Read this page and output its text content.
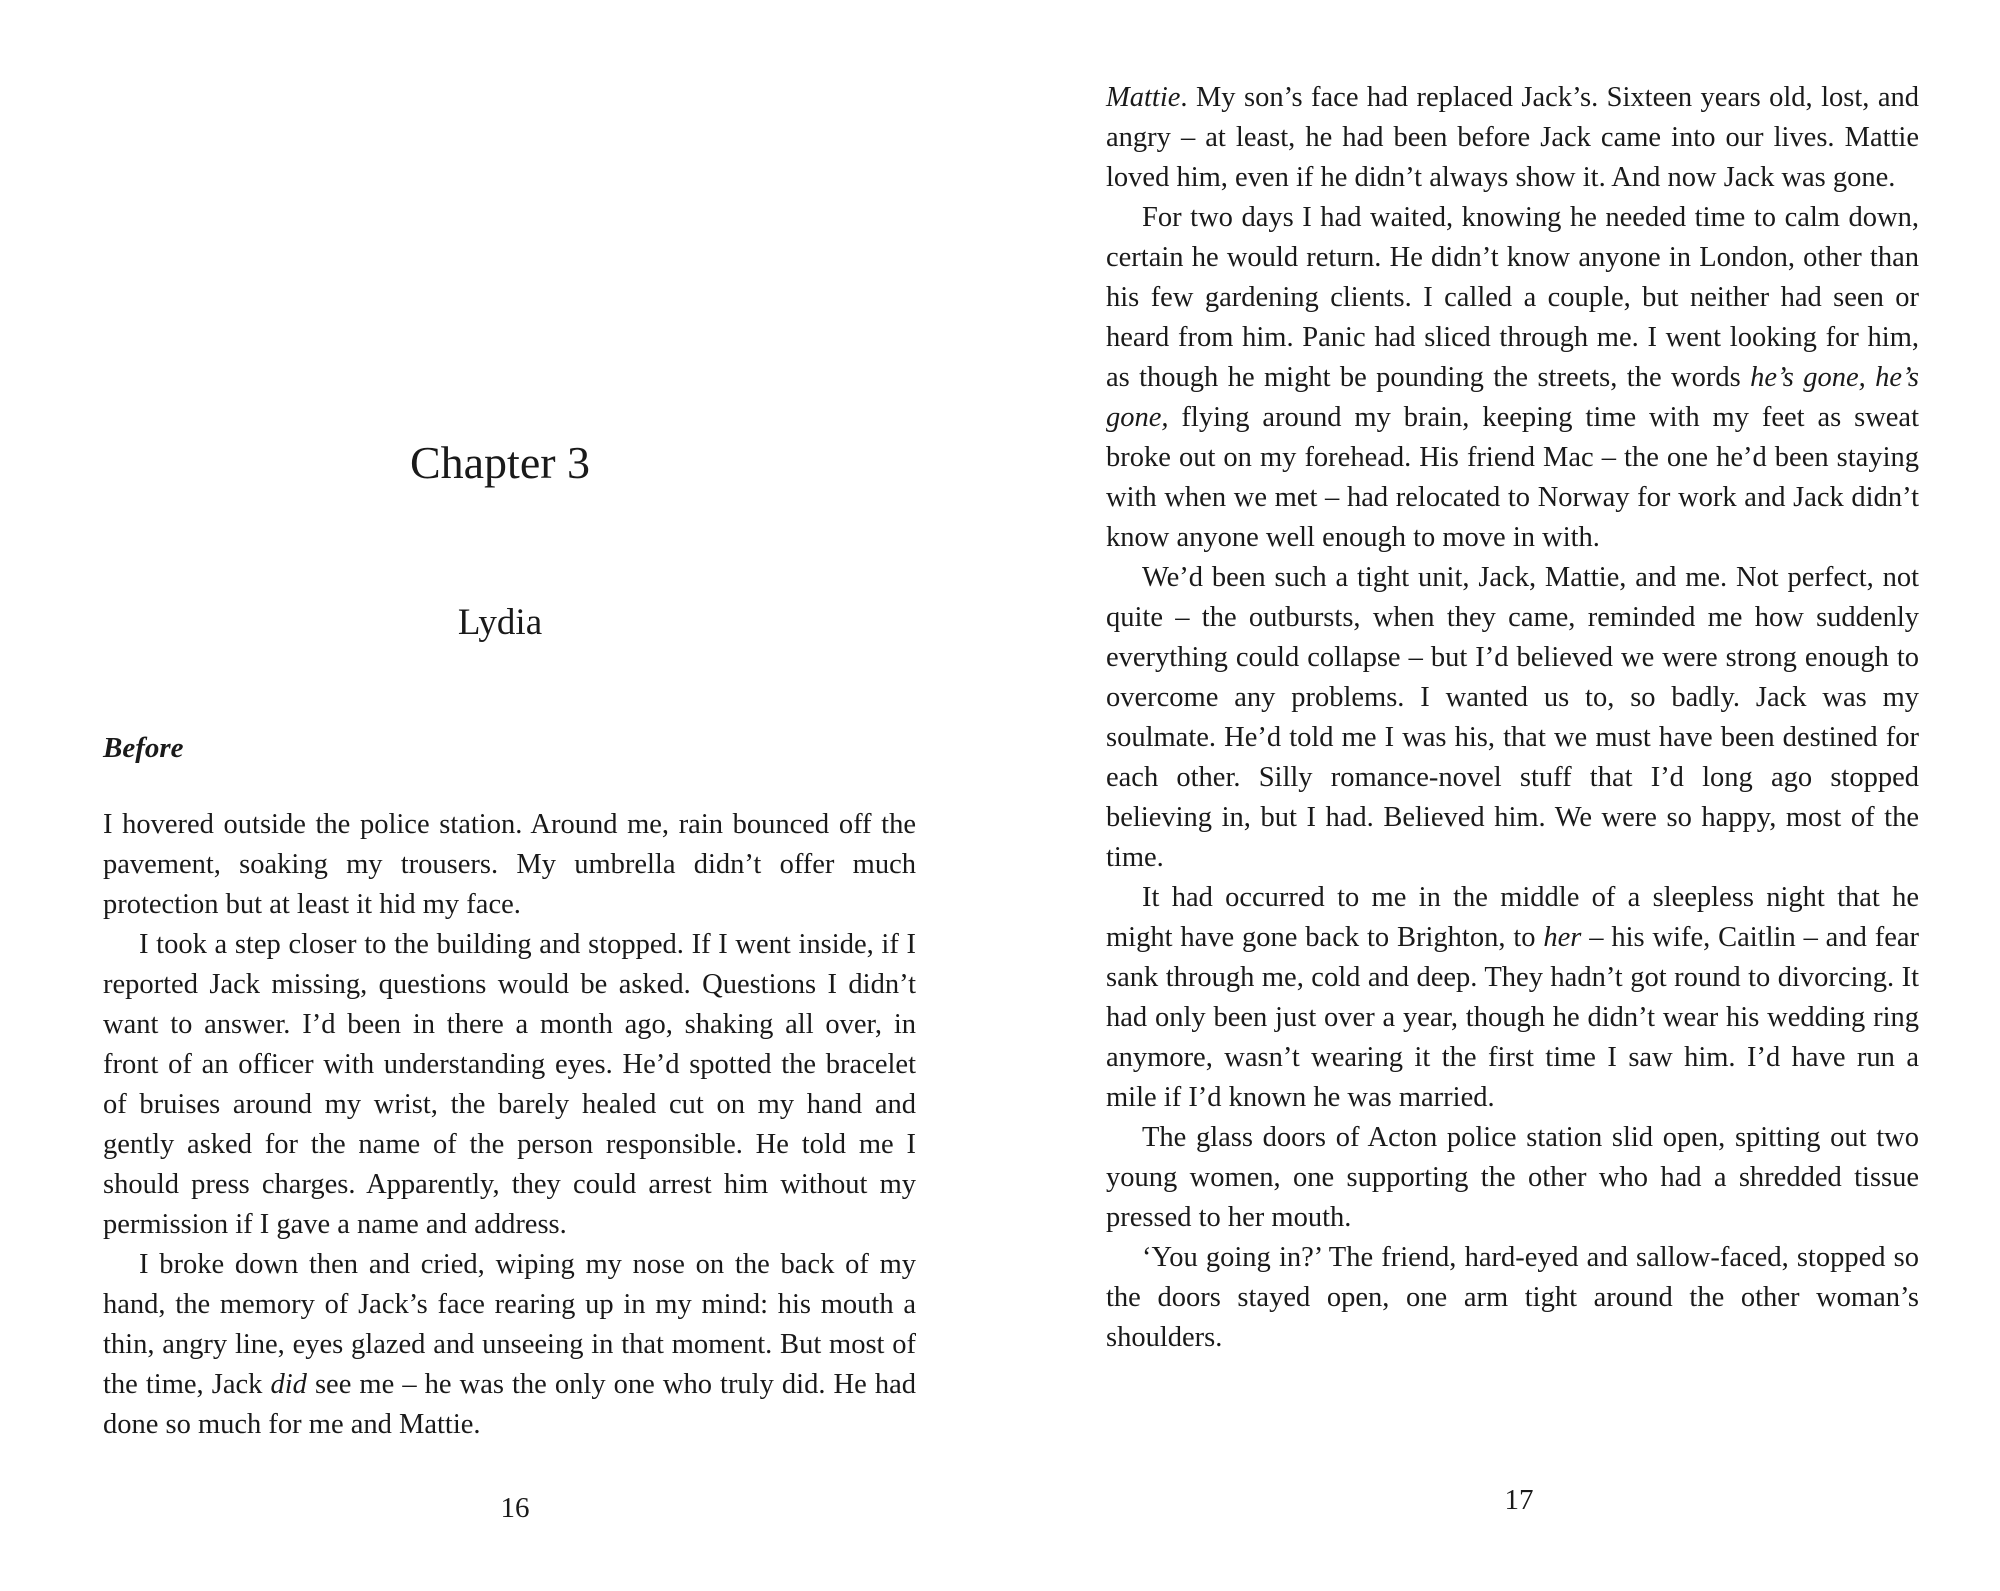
Chapter 3
Lydia
Before

I hovered outside the police station. Around me, rain bounced off the pavement, soaking my trousers. My umbrella didn’t offer much protection but at least it hid my face.

I took a step closer to the building and stopped. If I went inside, if I reported Jack missing, questions would be asked. Questions I didn’t want to answer. I’d been in there a month ago, shaking all over, in front of an officer with understanding eyes. He’d spotted the bracelet of bruises around my wrist, the barely healed cut on my hand and gently asked for the name of the person responsible. He told me I should press charges. Apparently, they could arrest him without my permission if I gave a name and address.

I broke down then and cried, wiping my nose on the back of my hand, the memory of Jack’s face rearing up in my mind: his mouth a thin, angry line, eyes glazed and unseeing in that moment. But most of the time, Jack did see me – he was the only one who truly did. He had done so much for me and Mattie.

16

Mattie. My son’s face had replaced Jack’s. Sixteen years old, lost, and angry – at least, he had been before Jack came into our lives. Mattie loved him, even if he didn’t always show it. And now Jack was gone.

For two days I had waited, knowing he needed time to calm down, certain he would return. He didn’t know anyone in London, other than his few gardening clients. I called a couple, but neither had seen or heard from him. Panic had sliced through me. I went looking for him, as though he might be pounding the streets, the words he’s gone, he’s gone, flying around my brain, keeping time with my feet as sweat broke out on my forehead. His friend Mac – the one he’d been staying with when we met – had relocated to Norway for work and Jack didn’t know anyone well enough to move in with.

We’d been such a tight unit, Jack, Mattie, and me. Not perfect, not quite – the outbursts, when they came, reminded me how suddenly everything could collapse – but I’d believed we were strong enough to overcome any problems. I wanted us to, so badly. Jack was my soulmate. He’d told me I was his, that we must have been destined for each other. Silly romance-novel stuff that I’d long ago stopped believing in, but I had. Believed him. We were so happy, most of the time.

It had occurred to me in the middle of a sleepless night that he might have gone back to Brighton, to her – his wife, Caitlin – and fear sank through me, cold and deep. They hadn’t got round to divorcing. It had only been just over a year, though he didn’t wear his wedding ring anymore, wasn’t wearing it the first time I saw him. I’d have run a mile if I’d known he was married.

The glass doors of Acton police station slid open, spitting out two young women, one supporting the other who had a shredded tissue pressed to her mouth.

‘You going in?’ The friend, hard-eyed and sallow-faced, stopped so the doors stayed open, one arm tight around the other woman’s shoulders.

17
